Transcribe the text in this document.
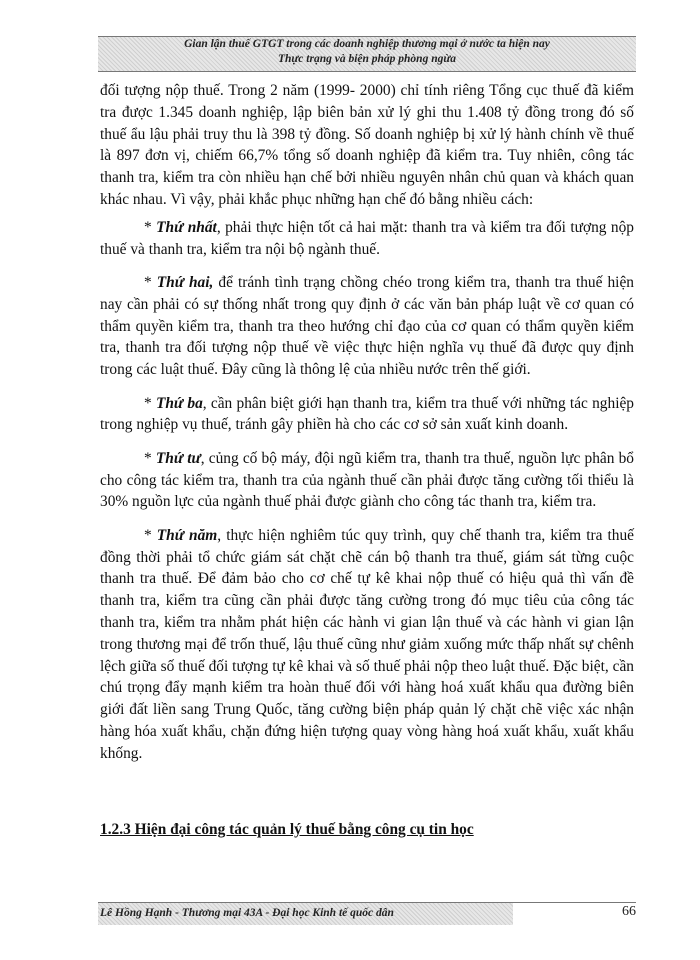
Gian lận thuế GTGT trong các doanh nghiệp thương mại ở nước ta hiện nay
Thực trạng và biện pháp phòng ngừa

đối tượng nộp thuế. Trong 2 năm (1999- 2000) chỉ tính riêng Tổng cục thuế đã kiểm tra được 1.345 doanh nghiệp, lập biên bản xử lý ghi thu 1.408 tỷ đồng trong đó số thuế ẩu lậu phải truy thu là 398 tỷ đồng. Số doanh nghiệp bị xử lý hành chính về thuế là 897 đơn vị, chiếm 66,7% tổng số doanh nghiệp đã kiểm tra. Tuy nhiên, công tác thanh tra, kiểm tra còn nhiều hạn chế bởi nhiều nguyên nhân chủ quan và khách quan khác nhau. Vì vậy, phải khắc phục những hạn chế đó bằng nhiều cách:

* Thứ nhất, phải thực hiện tốt cả hai mặt: thanh tra và kiểm tra đối tượng nộp thuế và thanh tra, kiểm tra nội bộ ngành thuế.

* Thứ hai, để tránh tình trạng chồng chéo trong kiểm tra, thanh tra thuế hiện nay cần phải có sự thống nhất trong quy định ở các văn bản pháp luật về cơ quan có thẩm quyền kiểm tra, thanh tra theo hướng chỉ đạo của cơ quan có thẩm quyền kiểm tra, thanh tra đối tượng nộp thuế về việc thực hiện nghĩa vụ thuế đã được quy định trong các luật thuế. Đây cũng là thông lệ của nhiều nước trên thế giới.

* Thứ ba, cần phân biệt giới hạn thanh tra, kiểm tra thuế với những tác nghiệp trong nghiệp vụ thuế, tránh gây phiền hà cho các cơ sở sản xuất kinh doanh.

* Thứ tư, củng cố bộ máy, đội ngũ kiểm tra, thanh tra thuế, nguồn lực phân bổ cho công tác kiểm tra, thanh tra của ngành thuế cần phải được tăng cường tối thiểu là 30% nguồn lực của ngành thuế phải được giành cho công tác thanh tra, kiểm tra.

* Thứ năm, thực hiện nghiêm túc quy trình, quy chế thanh tra, kiểm tra thuế đồng thời phải tổ chức giám sát chặt chẽ cán bộ thanh tra thuế, giám sát từng cuộc thanh tra thuế. Để đảm bảo cho cơ chế tự kê khai nộp thuế có hiệu quả thì vấn đề thanh tra, kiểm tra cũng cần phải được tăng cường trong đó mục tiêu của công tác thanh tra, kiểm tra nhằm phát hiện các hành vi gian lận thuế và các hành vi gian lận trong thương mại để trốn thuế, lậu thuế cũng như giảm xuống mức thấp nhất sự chênh lệch giữa số thuế đối tượng tự kê khai và số thuế phải nộp theo luật thuế. Đặc biệt, cần chú trọng đẩy mạnh kiểm tra hoàn thuế đối với hàng hoá xuất khẩu qua đường biên giới đất liền sang Trung Quốc, tăng cường biện pháp quản lý chặt chẽ việc xác nhận hàng hóa xuất khẩu, chặn đứng hiện tượng quay vòng hàng hoá xuất khẩu, xuất khẩu khống.

1.2.3 Hiện đại công tác quản lý thuế bằng công cụ tin học
Lê Hồng Hạnh - Thương mại 43A - Đại học Kinh tế quốc dân	66
